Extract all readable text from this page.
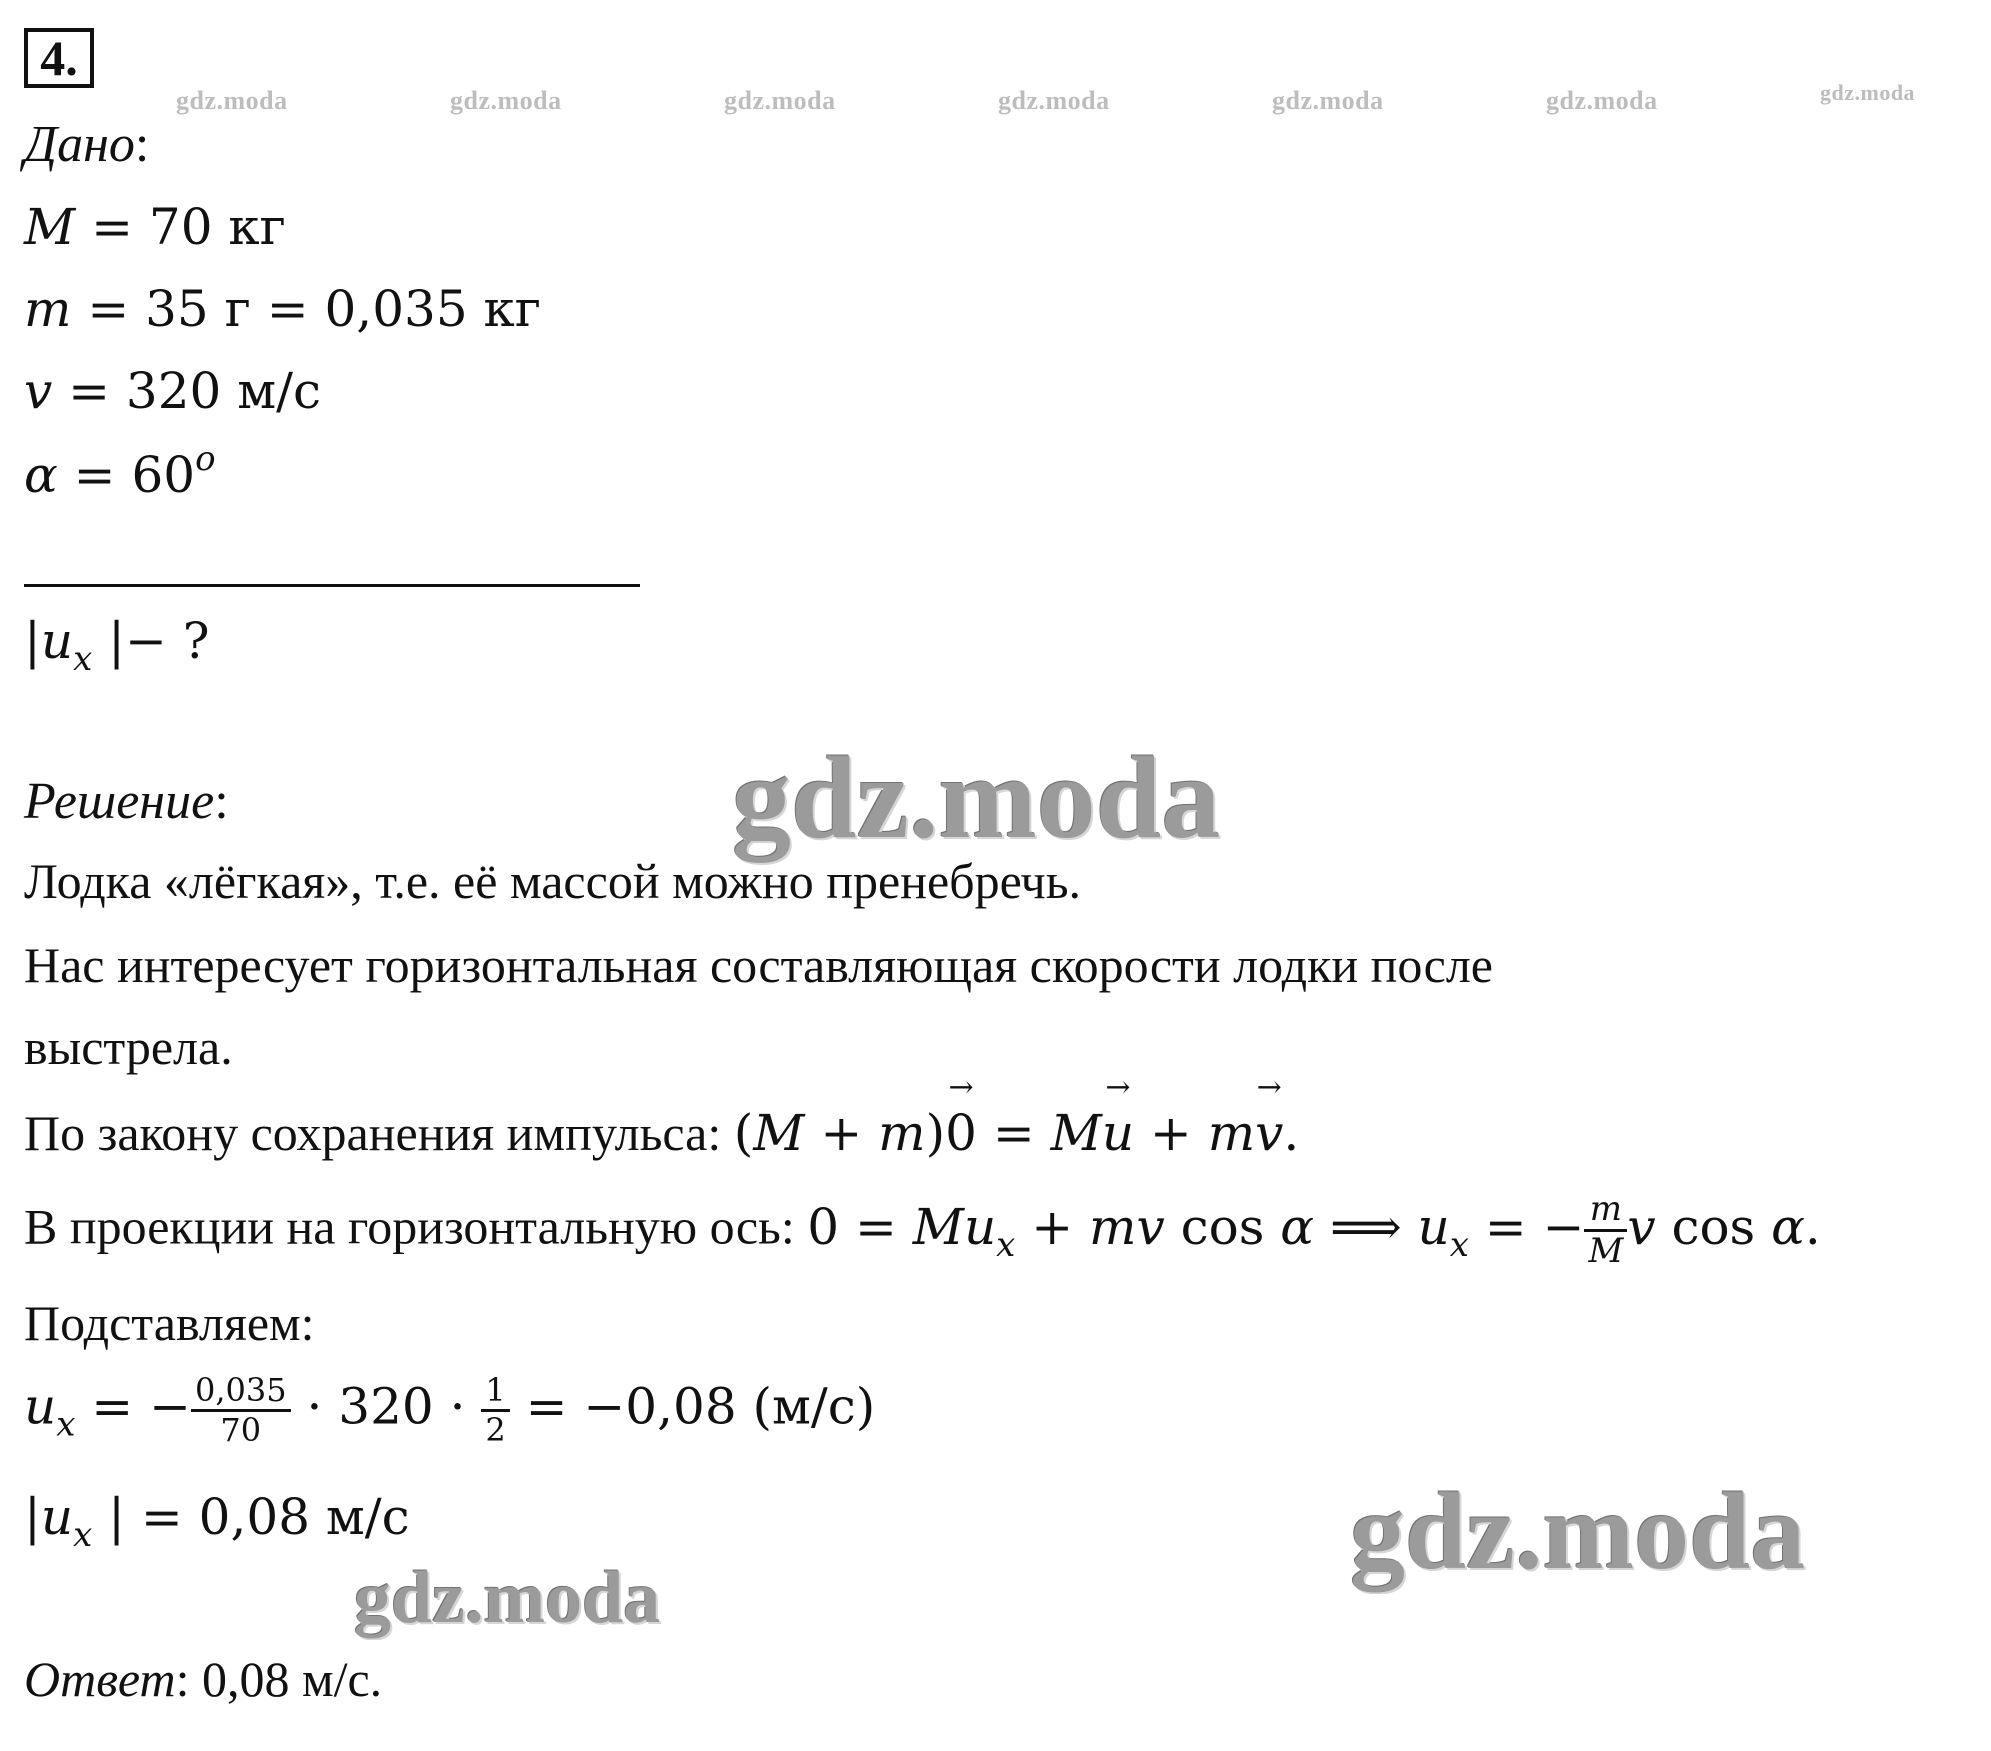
4.
gdz.moda	gdz.moda	gdz.moda	gdz.moda	gdz.moda	gdz.moda	gdz.moda
Дано:
M = 70 кг
m = 35 г = 0,035 кг
v = 320 м/с
$\alpha = 60^o$
$|u_x$ |− ?
gdz.moda
Решение:
Лодка «лёгкая», т.е. её массой можно пренебречь.
Нас интересует горизонтальная составляющая скорости лодки после
выстрела.
По закону сохранения импульса: (M + m)→ 0 = M→ u + m→ v.
В проекции на горизонтальную ось: $0 = Mu_x$ + mv cos α ⟹ $u_x$ = − $\frac{m}{M}$ v cos α.
Подставляем:
$u_x$ = − $\frac{0,035}{70} \cdot 320 \cdot \frac{1}{2} = -0,08$ (м/с)
$|u_x$ | = 0,08 м/с	gdz.moda
gdz.moda
Ответ: 0,08 м/с.
